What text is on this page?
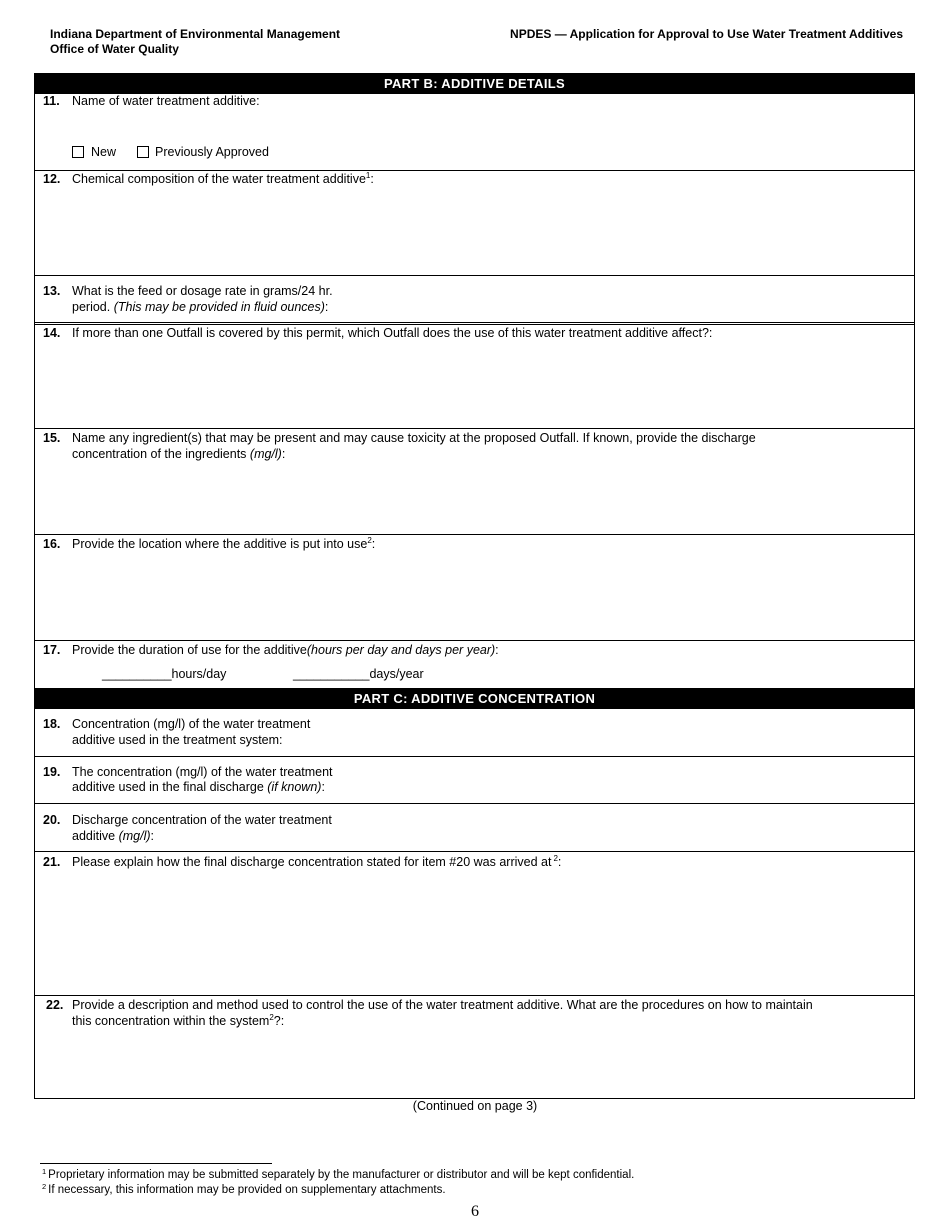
Indiana Department of Environmental Management
Office of Water Quality
NPDES — Application for Approval to Use Water Treatment Additives
PART B: ADDITIVE DETAILS
11. Name of water treatment additive:
New	Previously Approved
12. Chemical composition of the water treatment additive$^1$:
13. What is the feed or dosage rate in grams/24 hr.
period. (This may be provided in fluid ounces):
14. If more than one Outfall is covered by this permit, which Outfall does the use of this water treatment additive affect?:
15. Name any ingredient(s) that may be present and may cause toxicity at the proposed Outfall. If known, provide the discharge
concentration of the ingredients (mg/l):
16. Provide the location where the additive is put into use$^2$:
17. Provide the duration of use for the additive(hours per day and days per year):
__________hours/day	___________days/year
PART C: ADDITIVE CONCENTRATION
18. Concentration (mg/l) of the water treatment
additive used in the treatment system:
19. The concentration (mg/l) of the water treatment
additive used in the final discharge (if known):
20. Discharge concentration of the water treatment
additive (mg/l):
21. Please explain how the final discharge concentration stated for item #20 was arrived at $^2$:
22. Provide a description and method used to control the use of the water treatment additive. What are the procedures on how to maintain
this concentration within the system$^2$?:
(Continued on page 3)
$^1$ Proprietary information may be submitted separately by the manufacturer or distributor and will be kept confidential.
$^2$ If necessary, this information may be provided on supplementary attachments.
6
